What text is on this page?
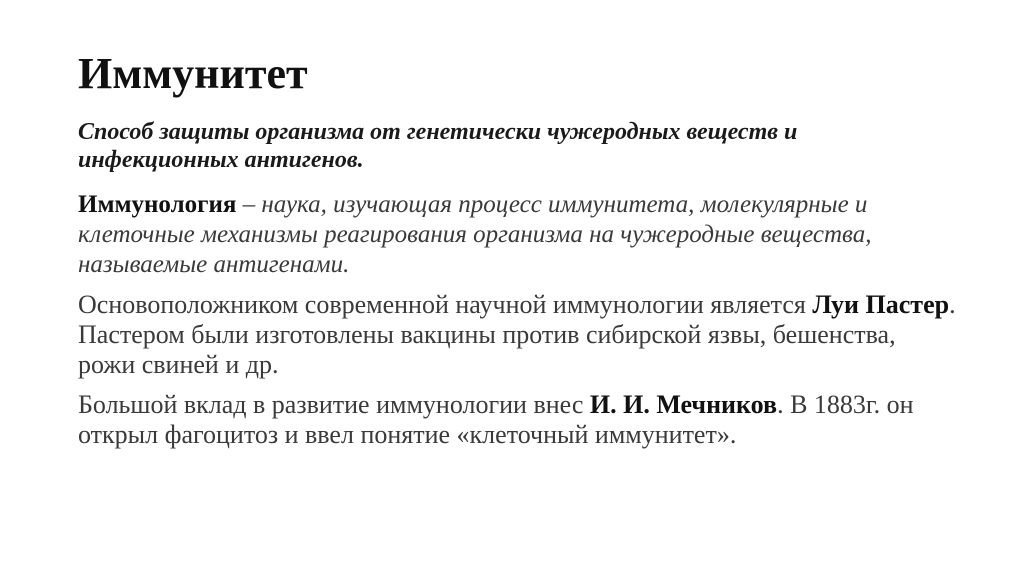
Иммунитет

Способ защиты организма от генетически чужеродных веществ и инфекционных антигенов.

Иммунология – наука, изучающая процесс иммунитета, молекулярные и клеточные механизмы реагирования организма на чужеродные вещества, называемые антигенами.

Основоположником современной научной иммунологии является Луи Пастер. Пастером были изготовлены вакцины против сибирской язвы, бешенства, рожи свиней и др.

Большой вклад в развитие иммунологии внес И. И. Мечников. В 1883г. он открыл фагоцитоз и ввел понятие «клеточный иммунитет».
